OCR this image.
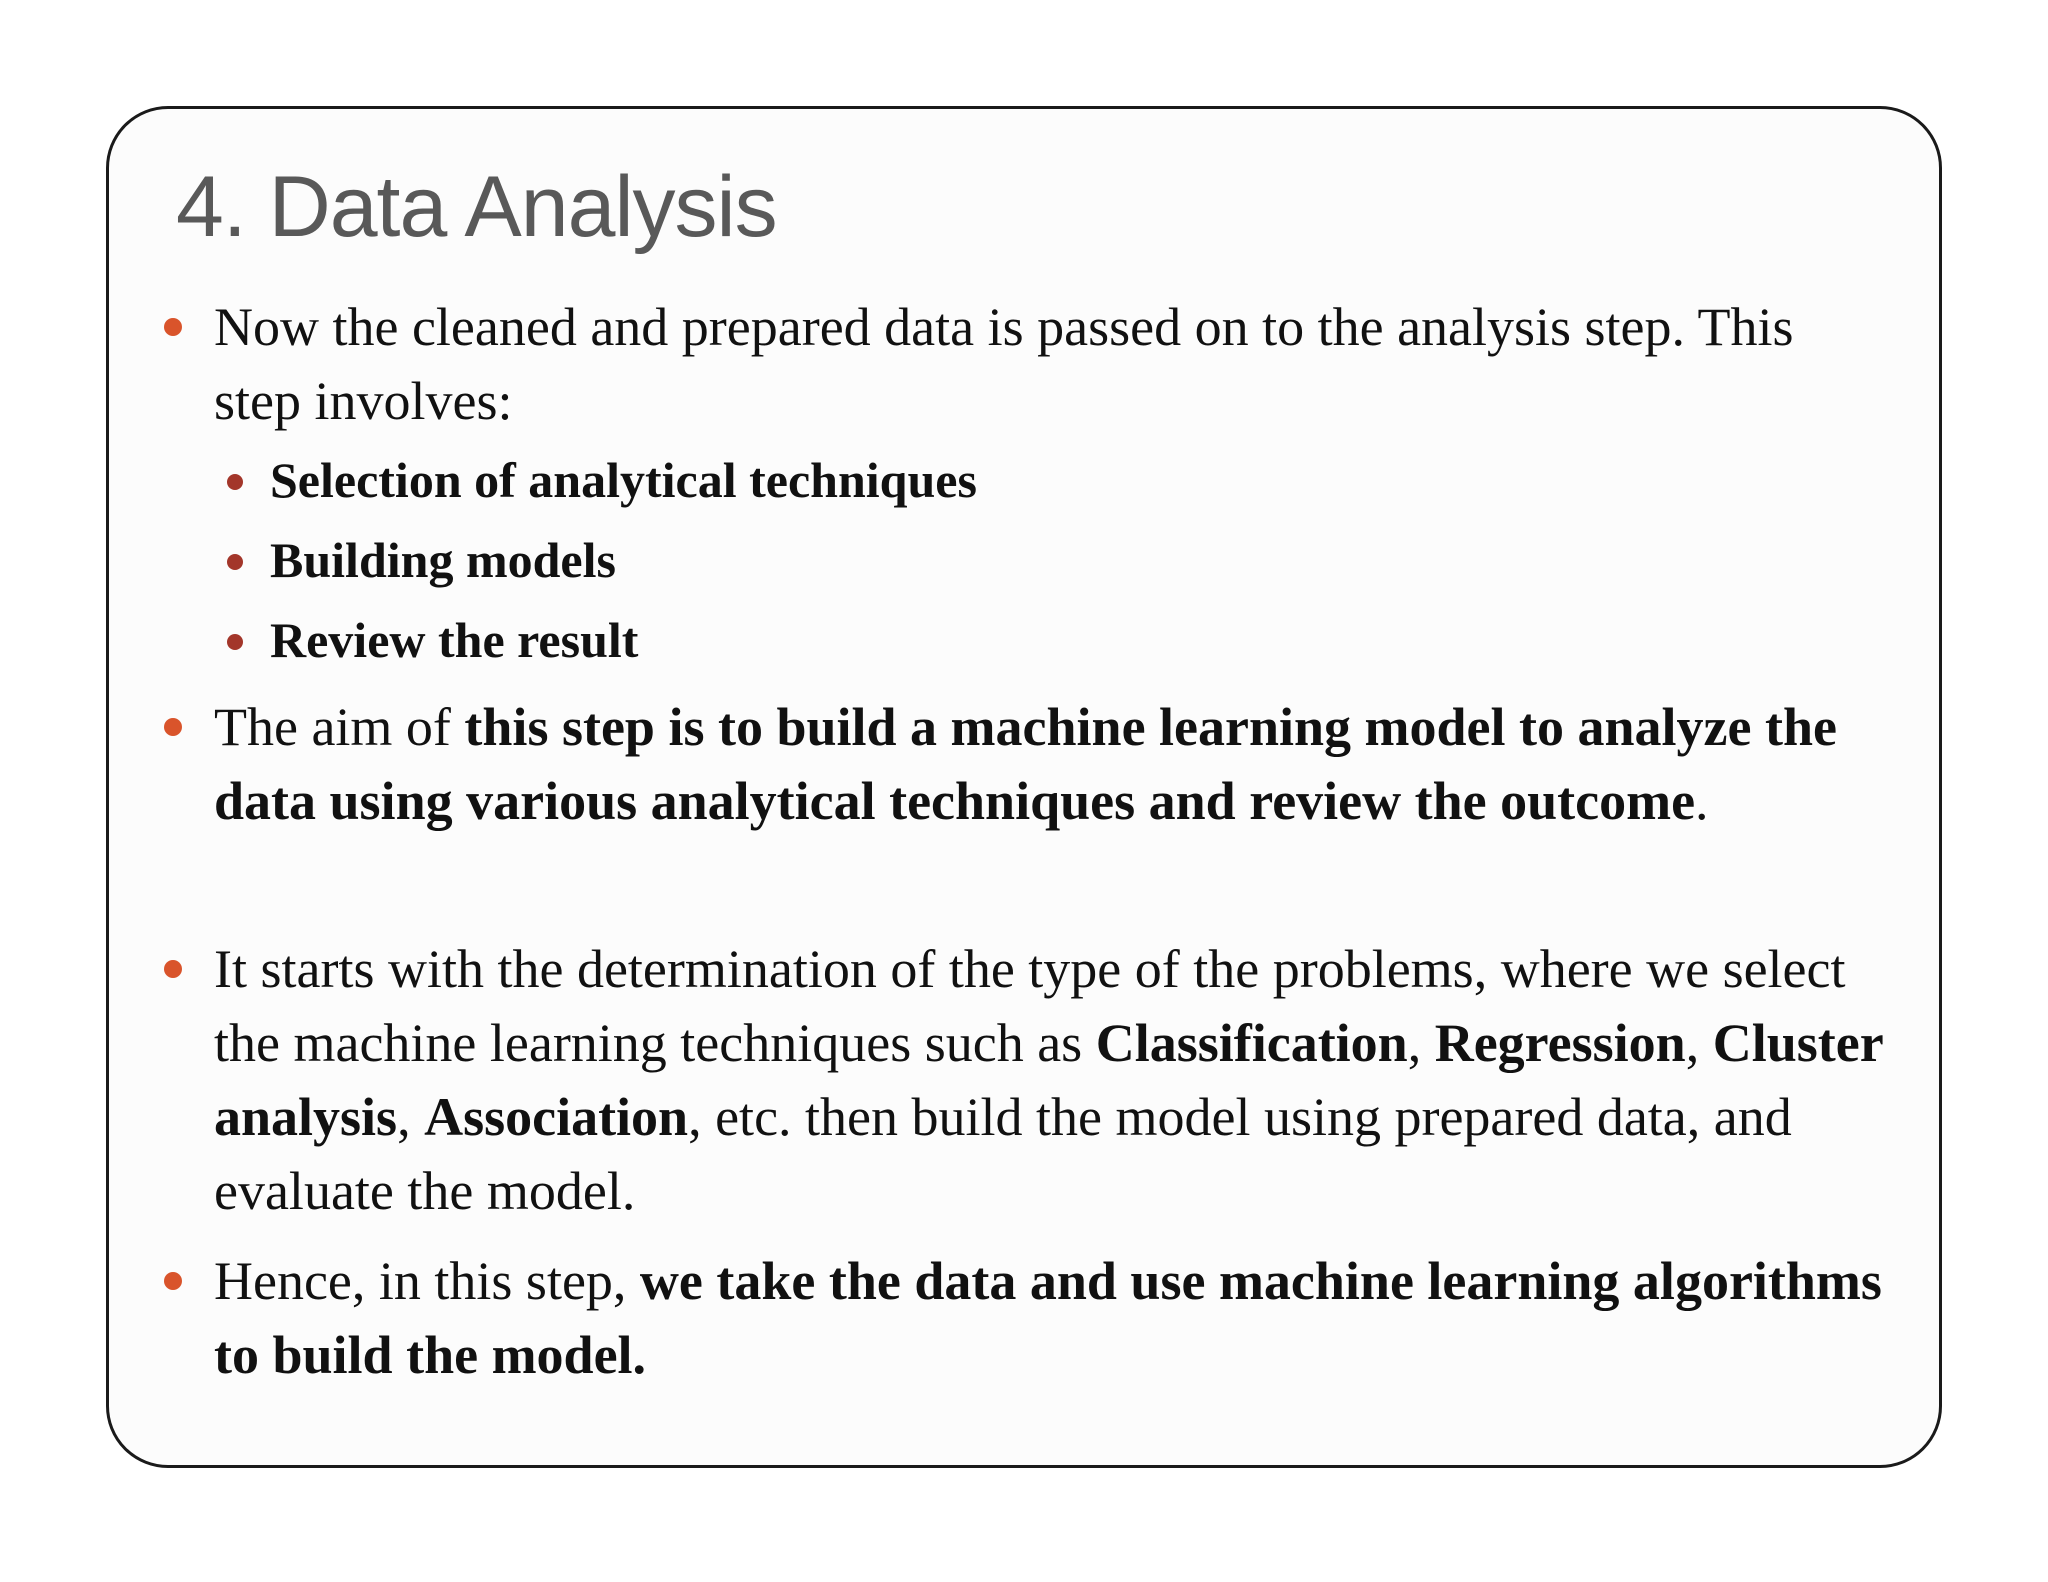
4. Data Analysis

Now the cleaned and prepared data is passed on to the analysis step. This step involves:

Selection of analytical techniques

Building models

Review the result

The aim of this step is to build a machine learning model to analyze the data using various analytical techniques and review the outcome.

It starts with the determination of the type of the problems, where we select the machine learning techniques such as Classification, Regression, Cluster analysis, Association, etc. then build the model using prepared data, and evaluate the model.

Hence, in this step, we take the data and use machine learning algorithms to build the model.
